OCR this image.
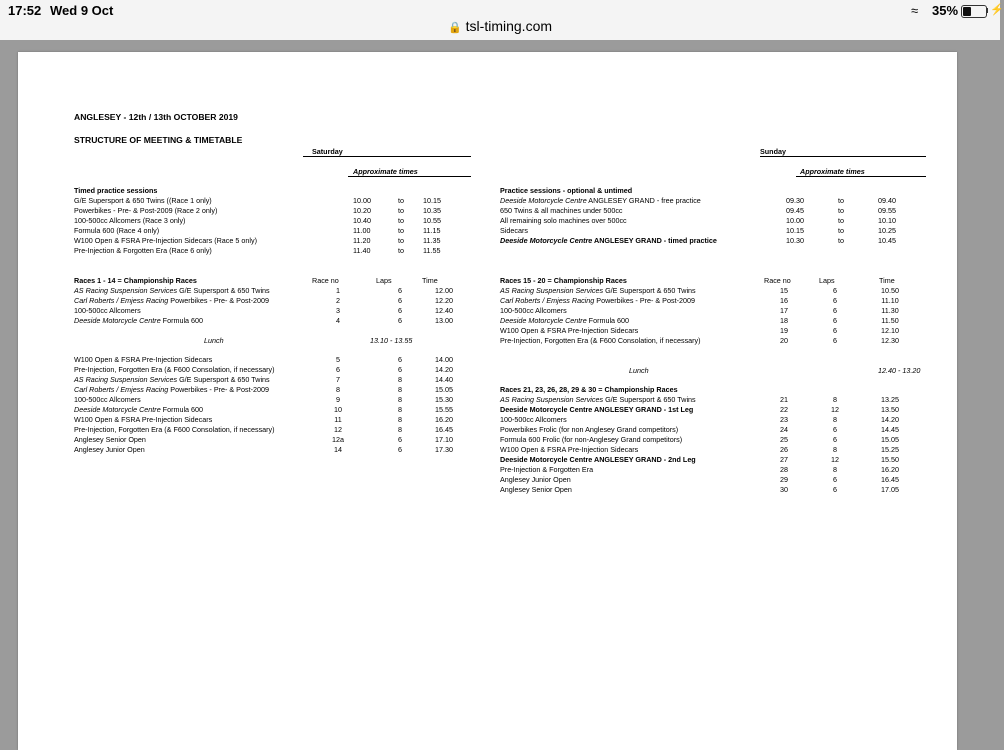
17:52 Wed 9 Oct
🔒 tsl-timing.com
≈ 35%	⚡
ANGLESEY - 12th / 13th OCTOBER 2019
STRUCTURE OF MEETING & TIMETABLE
Saturday
Approximate times
Sunday
Approximate times
Timed practice sessions
Races 1 - 14 = Championship Races	Race no	Laps	Time
Lunch	13.10 - 13.55
Practice sessions - optional & untimed
Races 15 - 20 = Championship Races	Race no	Laps	Time
Lunch	12.40 - 13.20
Races 21, 23, 26, 28, 29 & 30 = Championship Races
G/E Supersport & 650 Twins ((Race 1 only)	10.00	to	10.15
Powerbikes - Pre- & Post-2009 (Race 2 only)	10.20	to	10.35
100-500cc Allcomers (Race 3 only)	10.40	to	10.55
Formula 600 (Race 4 only)	11.00	to	11.15
W100 Open & FSRA Pre-Injection Sidecars (Race 5 only)	11.20	to	11.35
Pre-Injection & Forgotten Era (Race 6 only)	11.40	to	11.55
AS Racing Suspension Services G/E Supersport & 650 Twins	1	6	12.00
Carl Roberts / Emjess Racing Powerbikes - Pre- & Post-2009	2	6	12.20
100-500cc Allcomers	3	6	12.40
Deeside Motorcycle Centre Formula 600	4	6	13.00
W100 Open & FSRA Pre-Injection Sidecars	5	6	14.00
Pre-Injection, Forgotten Era (& F600 Consolation, if necessary)	6	6	14.20
AS Racing Suspension Services G/E Supersport & 650 Twins	7	8	14.40
Carl Roberts / Emjess Racing Powerbikes - Pre- & Post-2009	8	8	15.05
100-500cc Allcomers	9	8	15.30
Deeside Motorcycle Centre Formula 600	10	8	15.55
W100 Open & FSRA Pre-Injection Sidecars	11	8	16.20
Pre-Injection, Forgotten Era (& F600 Consolation, if necessary)	12	8	16.45
Anglesey Senior Open	12a	6	17.10
Anglesey Junior Open	14	6	17.30
Deeside Motorcycle Centre ANGLESEY GRAND - free practice	09.30	to	09.40
650 Twins & all machines under 500cc	09.45	to	09.55
All remaining solo machines over 500cc	10.00	to	10.10
Sidecars	10.15	to	10.25
Deeside Motorcycle Centre ANGLESEY GRAND - timed practice	10.30	to	10.45
AS Racing Suspension Services G/E Supersport & 650 Twins	15	6	10.50
Carl Roberts / Emjess Racing Powerbikes - Pre- & Post-2009	16	6	11.10
100-500cc Allcomers	17	6	11.30
Deeside Motorcycle Centre Formula 600	18	6	11.50
W100 Open & FSRA Pre-Injection Sidecars	19	6	12.10
Pre-Injection, Forgotten Era (& F600 Consolation, if necessary)	20	6	12.30
AS Racing Suspension Services G/E Supersport & 650 Twins	21	8	13.25
Deeside Motorcycle Centre ANGLESEY GRAND - 1st Leg	22	12	13.50
100-500cc Allcomers	23	8	14.20
Powerbikes Frolic (for non Anglesey Grand competitors)	24	6	14.45
Formula 600 Frolic (for non-Anglesey Grand competitors)	25	6	15.05
W100 Open & FSRA Pre-Injection Sidecars	26	8	15.25
Deeside Motorcycle Centre ANGLESEY GRAND - 2nd Leg	27	12	15.50
Pre-Injection & Forgotten Era	28	8	16.20
Anglesey Junior Open	29	6	16.45
Anglesey Senior Open	30	6	17.05
